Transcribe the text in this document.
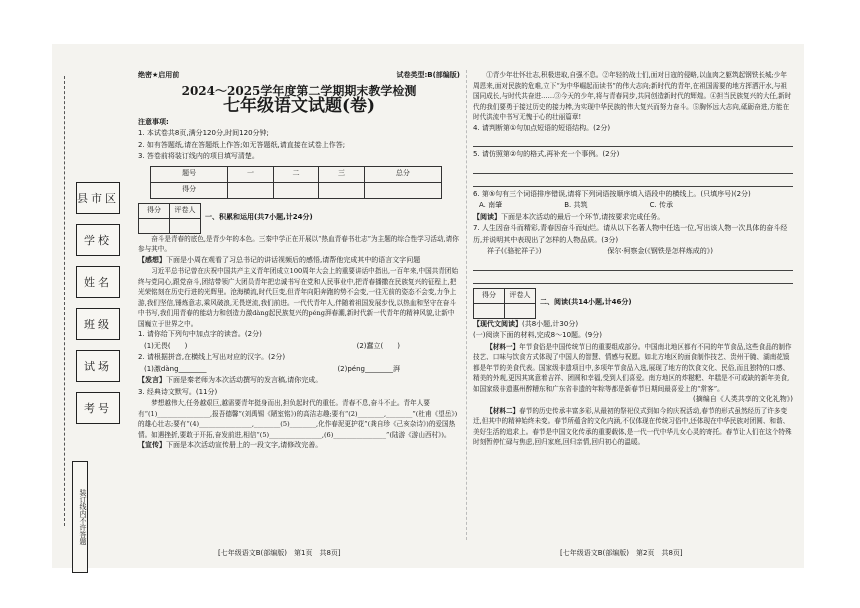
县市区
学校
姓名
班级
试场
考号
装订线内不许答题
绝密★启用前	试卷类型:B(部编版)
2024～2025学年度第二学期期末教学检测
七年级语文试题(卷)
注意事项:
1. 本试卷共8页,满分120分,时间120分钟;
2. 如有答题纸,请在答题纸上作答;如无答题纸,请直接在试卷上作答;
3. 答卷前将装订线内的项目填写清楚。
题号	一	二	三	总分
得分				
得分	评卷人

一、积累和运用(共7小题,计24分)

奋斗是青春的底色,是青少年的本色。三秦中学正在开展以“热血青春书壮志”为主题的综合性学习活动,请你参与其中。

【感想】下面是小周在观看了习总书记的讲话视频后的感悟,请帮他完成其中的语言文字问题

习近平总书记曾在庆祝中国共产主义青年团成立100周年大会上的重要讲话中指出,一百年来,中国共青团始终与党同心,跟党奋斗,团结带领广大团员青年把忠诚书写在党和人民事业中,把青春播撒在民族复兴的征程上,把光荣铭刻在历史行进的光辉里。沧海横流,时代巨变,但青年向阳奔跑的势不会变,一往无前的姿态不会变,力争上游,我们坚信,锤炼意志,乘风破浪,无畏逆流,我们前进。一代代青年人,伴随着祖国发展步伐,以热血和坚守在奋斗中书写,我们用青春的能动力和创造力激dàng起民族复兴的péng湃春潮,新时代新一代青年的精神风貌,让新中国巍立于世界之中。

1. 请你给下列句中加点字的读音。(2分)
(1)无畏(　　)	(2)蠢立(　　)
2. 请根据拼音,在横线上写出对应的汉字。(2分)
(1)激dàng________	(2)péng________湃

【发言】下面是秦老师为本次活动撰写的发言稿,请你完成。

3. 经典诗文默写。(11分)

梦想越伟大,任务越艰巨,越需要青年挺身而出,担负起时代的重任。青春不息,奋斗不止。青年人要有“(1)________________,报吾德馨”(刘禹锡《陋室铭》)的高洁志趣;要有“(2)________,________”(杜甫《望岳》)的雄心壮志;要有“(4)________________,________(5)________,化作春泥更护花”(龚自珍《己亥杂诗》)的爱国热情。如遇挫折,要敢于开拓,奋发前进,相信“(5)________________,(6)________________”(陆游《游山西村》)。

【宣传】下面是本次活动宣传册上的一段文字,请修改完善。

[七年级语文B(部编版)　第1页　共8页]

①青少年壮怀壮志,积极进取,自强不息。②年轻的战士们,面对日寇的侵略,以血肉之躯筑起钢铁长城;少年周恩来,面对民族的危难,立下“为中华崛起而读书”的伟大志向;新时代的青年,在祖国需要的地方挥洒汗水,与祖国同成长,与时代共奋进……③今天的少年,将与青春同步,共同创造新时代的辉煌。④担当民族复兴的大任,新时代的我们要勇于接过历史的接力棒,为实现中华民族的伟大复兴而努力奋斗。⑤胸怀远大志向,砥砺奋进,方能在时代洪流中书写无愧于心的壮丽篇章!

4. 请判断第①句加点短语的短语结构。(2分)
5. 请仿照第②句的格式,再补充一个事例。(2分)
6. 第⑤句有三个词语排序错误,请将下列词语按顺序填入语段中的横线上。(只填序号)(2分)
A. 南肇	B. 共筑	C. 传承

【阅读】下面是本次活动的最后一个环节,请按要求完成任务。

7. 人生因奋斗而精彩,青春因奋斗而灿烂。请从以下名著人物中任选一位,写出该人物一次具体的奋斗经历,并说明其中表现出了怎样的人物品质。(3分)
祥子(《骆驼祥子》)	保尔·柯察金(《钢铁是怎样炼成的》)
得分	评卷人

二、阅读(共14小题,计46分)

【现代文阅读】(共8小题,计30分)

(一)阅读下面的材料,完成8～10题。(9分)

【材料一】年节食俗是中国传统节日的重要组成部分。中国南北地区都有不同的年节食品,这些食品的制作技艺、口味与饮食方式体现了中国人的智慧、情感与祝愿。如北方地区的面食制作技艺、贵州干腌、湖南花馍都是年节的美食代表。国家级非遗项目中,多项年节食品入选,展现了地方的饮食文化、民俗,而且独特的口感、精美的外观,更因其寓意着吉祥、团圆和幸福,受到人们喜爱。南方地区的炸糍粑、年糕是不可或缺的新年美食,如国家级非遗惠州醉糟东和广东省非遗的年粽等都是新春节日期间最喜爱上的“常客”。

(摘编自《人类共享的文化礼物》)

【材料二】春节的历史传承丰富多彩,从最初的祭祀仪式到如今的庆祝活动,春节的形式虽然经历了许多变迁,但其中的精神始终未变。春节所蕴含的文化内涵,不仅体现在传统习俗中,还体现在中华民族对团圆、和谐、美好生活的追求上。春节是中国文化传承的重要载体,是一代一代中华儿女心灵的寄托。春节让人们在这个特殊时刻暂停忙碌与焦虑,回归家庭,回归亲情,回归初心的温暖。

[七年级语文B(部编版)　第2页　共8页]
